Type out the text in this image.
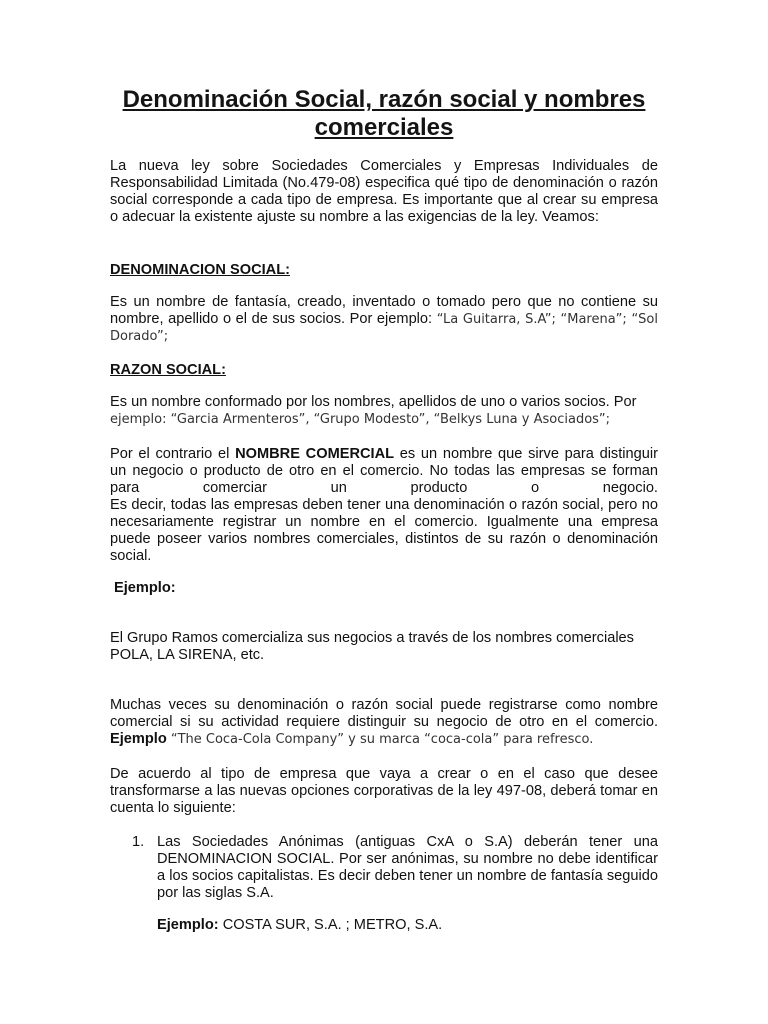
Denominación Social, razón social y nombres comerciales

La nueva ley sobre Sociedades Comerciales y Empresas Individuales de Responsabilidad Limitada (No.479-08) especifica qué tipo de denominación o razón social corresponde a cada tipo de empresa. Es importante que al crear su empresa o adecuar la existente ajuste su nombre a las exigencias de la ley. Veamos:

DENOMINACION SOCIAL:

Es un nombre de fantasía, creado, inventado o tomado pero que no contiene su nombre, apellido o el de sus socios. Por ejemplo: “La Guitarra, S.A”; “Marena”; “Sol Dorado”;

RAZON SOCIAL:

Es un nombre conformado por los nombres, apellidos de uno o varios socios. Por
ejemplo: “Garcia Armenteros”, “Grupo Modesto”, “Belkys Luna y Asociados”;

Por el contrario el NOMBRE COMERCIAL es un nombre que sirve para distinguir un negocio o producto de otro en el comercio. No todas las empresas se forman para comerciar un producto o negocio.

Es decir, todas las empresas deben tener una denominación o razón social, pero no necesariamente registrar un nombre en el comercio. Igualmente una empresa puede poseer varios nombres comerciales, distintos de su razón o denominación social.

Ejemplo:

El Grupo Ramos comercializa sus negocios a través de los nombres comerciales POLA, LA SIRENA, etc.

Muchas veces su denominación o razón social puede registrarse como nombre comercial si su actividad requiere distinguir su negocio de otro en el comercio. Ejemplo “The Coca-Cola Company” y su marca “coca-cola” para refresco.

De acuerdo al tipo de empresa que vaya a crear o en el caso que desee transformarse a las nuevas opciones corporativas de la ley 497-08, deberá tomar en cuenta lo siguiente:

1. Las Sociedades Anónimas (antiguas CxA o S.A) deberán tener una DENOMINACION SOCIAL. Por ser anónimas, su nombre no debe identificar a los socios capitalistas. Es decir deben tener un nombre de fantasía seguido por las siglas S.A.

Ejemplo: COSTA SUR, S.A. ; METRO, S.A.
